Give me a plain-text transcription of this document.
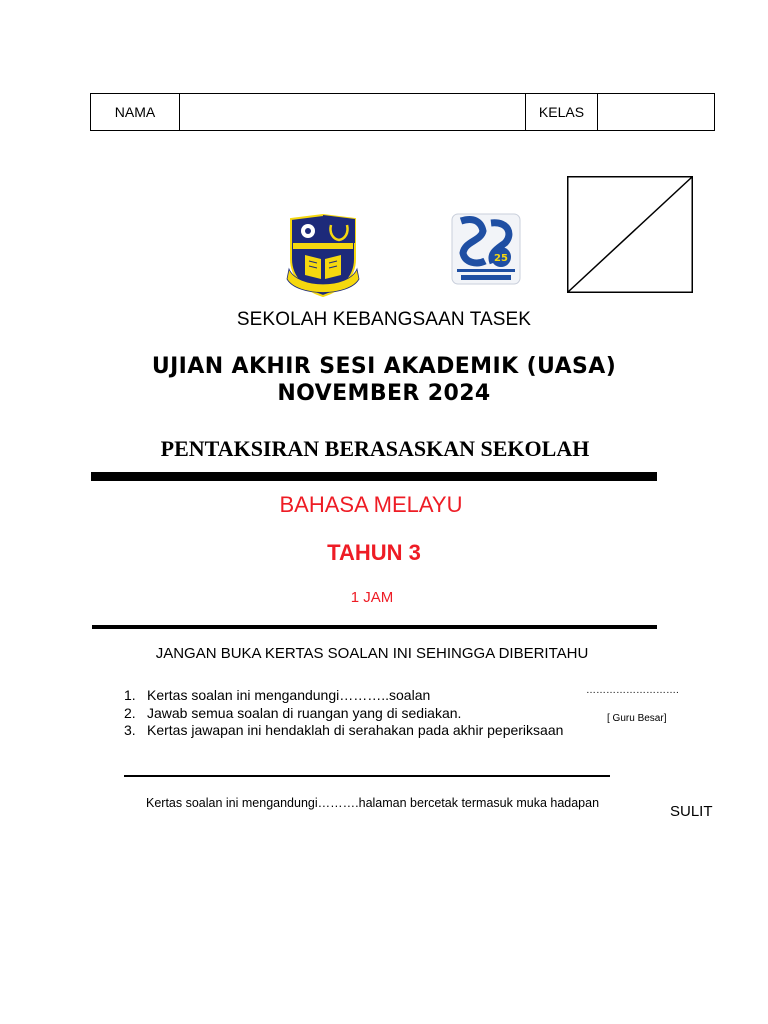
NAMA		KELAS	
25
SEKOLAH KEBANGSAAN TASEK
UJIAN AKHIR SESI AKADEMIK (UASA)
NOVEMBER 2024
PENTAKSIRAN BERASASKAN SEKOLAH
BAHASA MELAYU
TAHUN 3
1 JAM
JANGAN BUKA KERTAS SOALAN INI SEHINGGA DIBERITAHU
1. Kertas soalan ini mengandungi………..soalan
2. Jawab semua soalan di ruangan yang di sediakan.
3. Kertas jawapan ini hendaklah di serahakan pada akhir peperiksaan
……………………….
[ Guru Besar]
Kertas soalan ini mengandungi……….halaman bercetak termasuk muka hadapan	SULIT
